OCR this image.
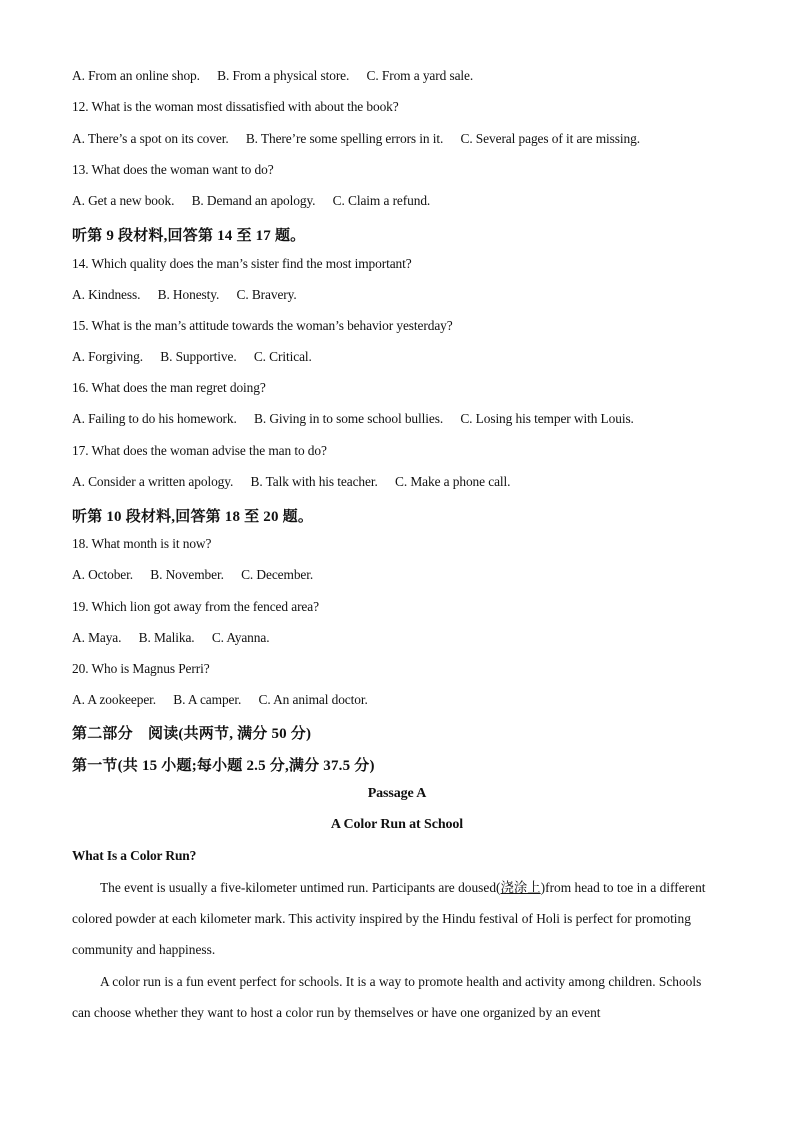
A. From an online shop. B. From a physical store. C. From a yard sale.
12. What is the woman most dissatisfied with about the book?
A. There’s a spot on its cover. B. There’re some spelling errors in it. C. Several pages of it are missing.
13. What does the woman want to do?
A. Get a new book. B. Demand an apology. C. Claim a refund.
听第 9 段材料,回答第 14 至 17 题。
14. Which quality does the man’s sister find the most important?
A. Kindness. B. Honesty. C. Bravery.
15. What is the man’s attitude towards the woman’s behavior yesterday?
A. Forgiving. B. Supportive. C. Critical.
16. What does the man regret doing?
A. Failing to do his homework. B. Giving in to some school bullies. C. Losing his temper with Louis.
17. What does the woman advise the man to do?
A. Consider a written apology. B. Talk with his teacher. C. Make a phone call.
听第 10 段材料,回答第 18 至 20 题。
18. What month is it now?
A. October. B. November. C. December.
19. Which lion got away from the fenced area?
A. Maya. B. Malika. C. Ayanna.
20. Who is Magnus Perri?
A. A zookeeper. B. A camper. C. An animal doctor.
第二部分　阅读(共两节, 满分 50 分)
第一节(共 15 小题;每小题 2.5 分,满分 37.5 分)
Passage A
A Color Run at School
What Is a Color Run?
The event is usually a five-kilometer untimed run. Participants are doused(浇涂上)from head to toe in a different colored powder at each kilometer mark. This activity inspired by the Hindu festival of Holi is perfect for promoting community and happiness.
A color run is a fun event perfect for schools. It is a way to promote health and activity among children. Schools can choose whether they want to host a color run by themselves or have one organized by an event
